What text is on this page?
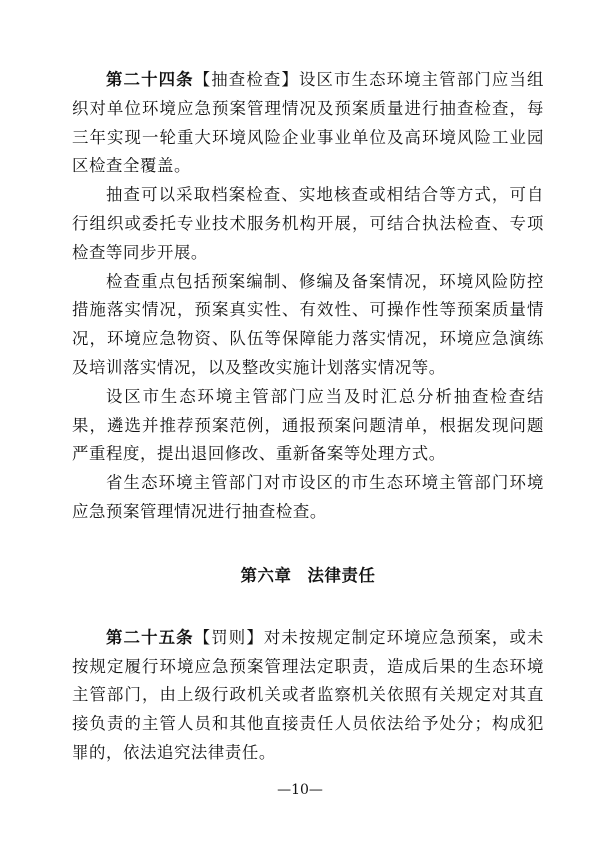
第二十四条【抽查检查】设区市生态环境主管部门应当组织对单位环境应急预案管理情况及预案质量进行抽查检查，每三年实现一轮重大环境风险企业事业单位及高环境风险工业园区检查全覆盖。

抽查可以采取档案检查、实地核查或相结合等方式，可自行组织或委托专业技术服务机构开展，可结合执法检查、专项检查等同步开展。

检查重点包括预案编制、修编及备案情况，环境风险防控措施落实情况，预案真实性、有效性、可操作性等预案质量情况，环境应急物资、队伍等保障能力落实情况，环境应急演练及培训落实情况，以及整改实施计划落实情况等。

设区市生态环境主管部门应当及时汇总分析抽查检查结果，遴选并推荐预案范例，通报预案问题清单，根据发现问题严重程度，提出退回修改、重新备案等处理方式。

省生态环境主管部门对市设区的市生态环境主管部门环境应急预案管理情况进行抽查检查。

第六章 法律责任

第二十五条【罚则】对未按规定制定环境应急预案，或未按规定履行环境应急预案管理法定职责，造成后果的生态环境主管部门，由上级行政机关或者监察机关依照有关规定对其直接负责的主管人员和其他直接责任人员依法给予处分；构成犯罪的，依法追究法律责任。

—10—
